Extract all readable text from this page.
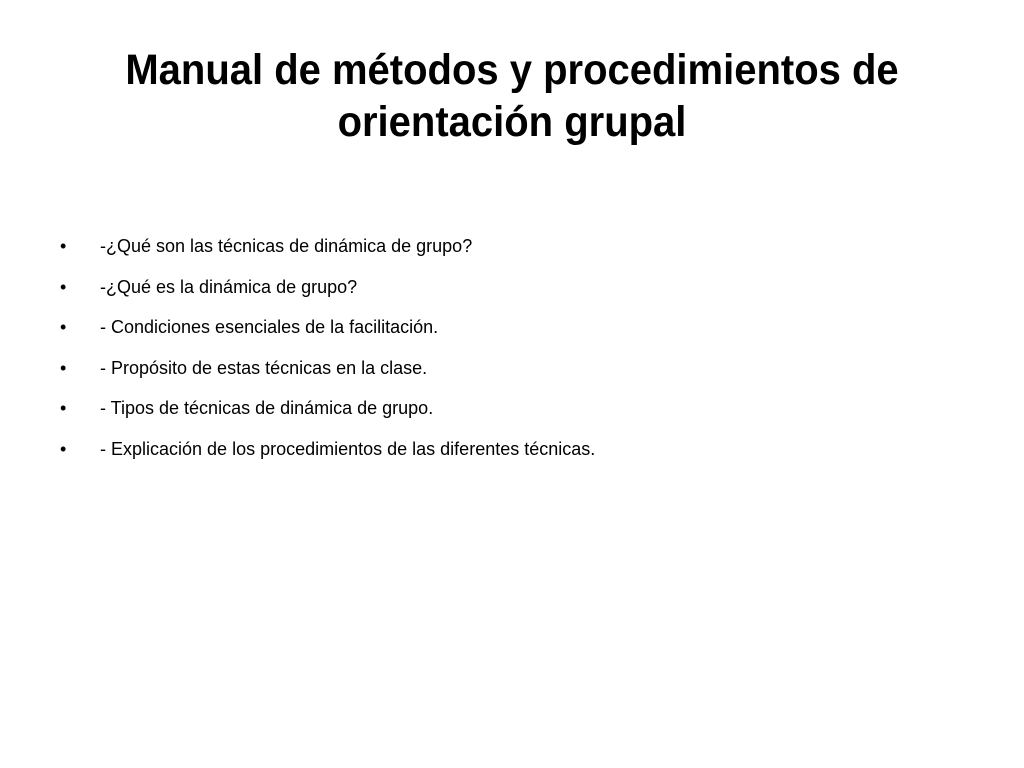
Manual de métodos y procedimientos de orientación grupal
•	-¿Qué son las técnicas de dinámica de grupo?
•	-¿Qué es la dinámica de grupo?
•	- Condiciones esenciales de la facilitación.
•	- Propósito de estas técnicas en la clase.
•	- Tipos de técnicas de dinámica de grupo.
•	- Explicación de los procedimientos de las diferentes técnicas.
